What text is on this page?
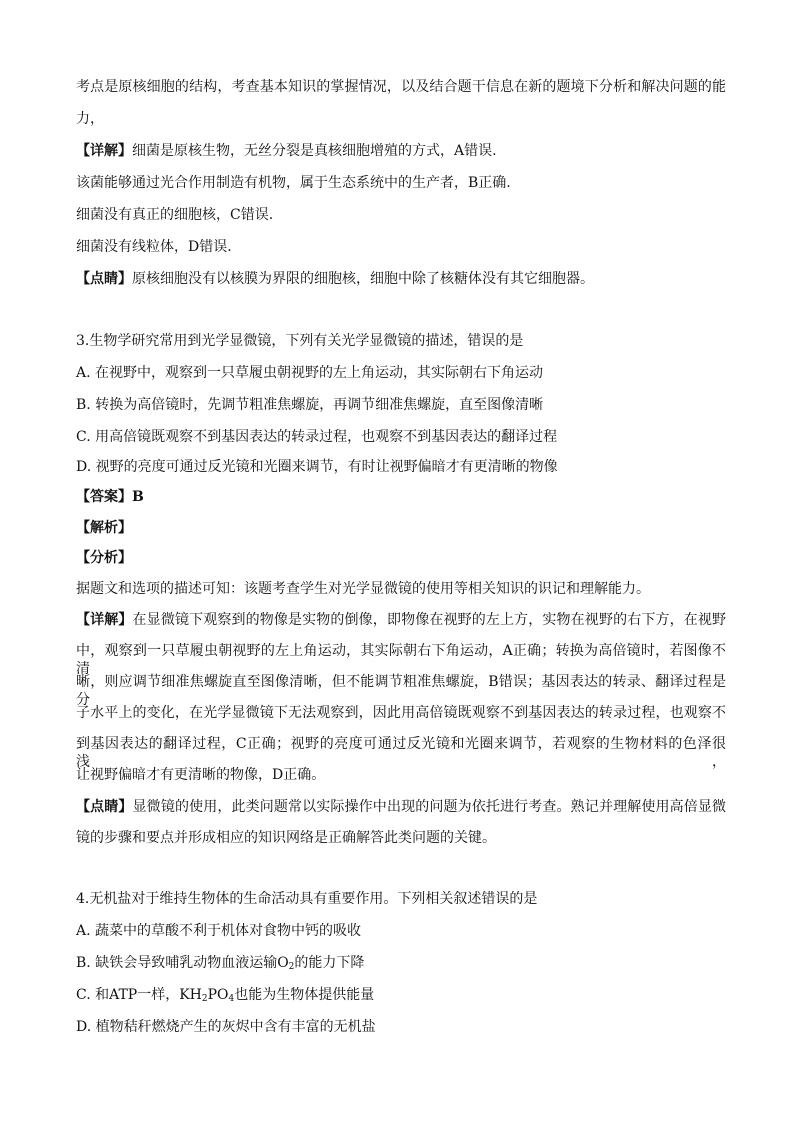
考点是原核细胞的结构，考查基本知识的掌握情况，以及结合题干信息在新的题境下分析和解决问题的能
力，
【详解】细菌是原核生物，无丝分裂是真核细胞增殖的方式，A错误.
该菌能够通过光合作用制造有机物，属于生态系统中的生产者，B正确.
细菌没有真正的细胞核，C错误.
细菌没有线粒体，D错误.
【点睛】原核细胞没有以核膜为界限的细胞核，细胞中除了核糖体没有其它细胞器。
3.生物学研究常用到光学显微镜，下列有关光学显微镜的描述，错误的是
A. 在视野中，观察到一只草履虫朝视野的左上角运动，其实际朝右下角运动
B. 转换为高倍镜时，先调节粗准焦螺旋，再调节细准焦螺旋，直至图像清晰
C. 用高倍镜既观察不到基因表达的转录过程，也观察不到基因表达的翻译过程
D. 视野的亮度可通过反光镜和光圈来调节，有时让视野偏暗才有更清晰的物像
【答案】B
【解析】
【分析】
据题文和选项的描述可知：该题考查学生对光学显微镜的使用等相关知识的识记和理解能力。
【详解】在显微镜下观察到的物像是实物的倒像，即物像在视野的左上方，实物在视野的右下方，在视野
中，观察到一只草履虫朝视野的左上角运动，其实际朝右下角运动，A正确；转换为高倍镜时，若图像不清
晰，则应调节细准焦螺旋直至图像清晰，但不能调节粗准焦螺旋，B错误；基因表达的转录、翻译过程是分
子水平上的变化，在光学显微镜下无法观察到，因此用高倍镜既观察不到基因表达的转录过程，也观察不
到基因表达的翻译过程，C正确；视野的亮度可通过反光镜和光圈来调节，若观察的生物材料的色泽很浅，
让视野偏暗才有更清晰的物像，D正确。
【点睛】显微镜的使用，此类问题常以实际操作中出现的问题为依托进行考查。熟记并理解使用高倍显微
镜的步骤和要点并形成相应的知识网络是正确解答此类问题的关键。
4.无机盐对于维持生物体的生命活动具有重要作用。下列相关叙述错误的是
A. 蔬菜中的草酸不利于机体对食物中钙的吸收
B. 缺铁会导致哺乳动物血液运输$O_2$的能力下降
C. 和ATP一样，$KH_2PO_4$也能为生物体提供能量
D. 植物秸秆燃烧产生的灰烬中含有丰富的无机盐
